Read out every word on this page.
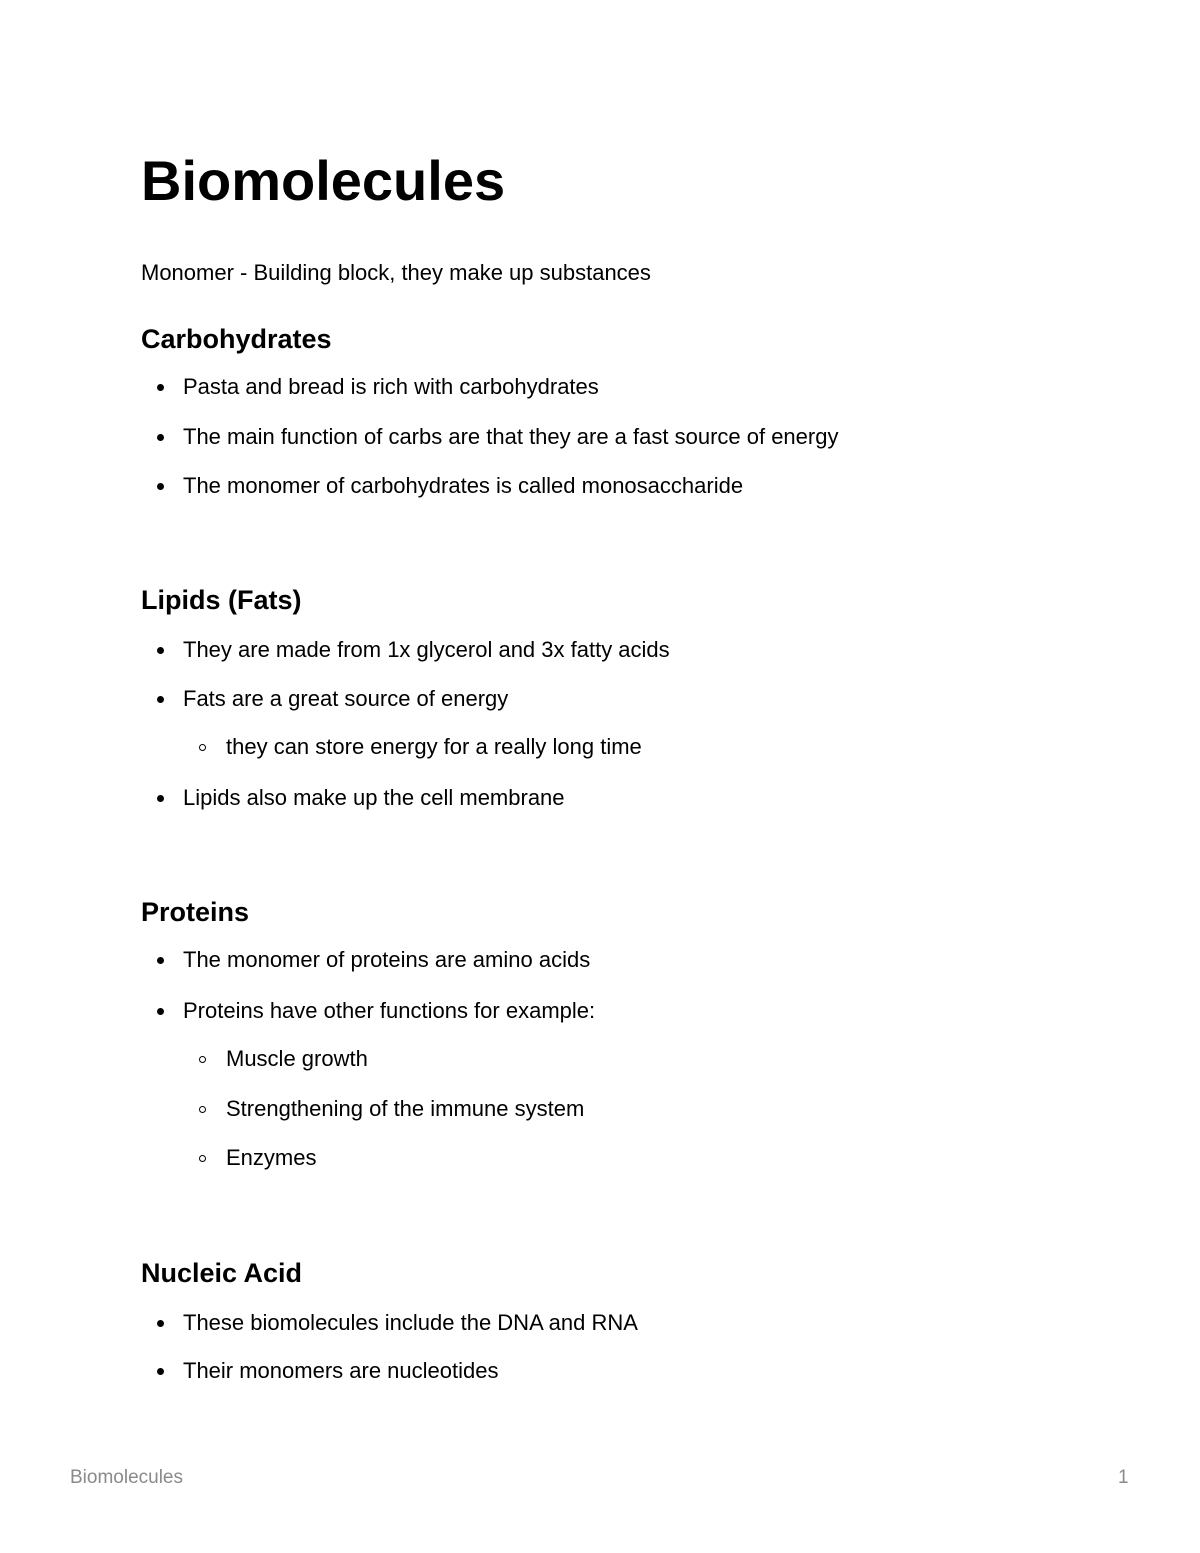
Biomolecules
Monomer - Building block, they make up substances
Carbohydrates
Pasta and bread is rich with carbohydrates
The main function of carbs are that they are a fast source of energy
The monomer of carbohydrates is called monosaccharide
Lipids (Fats)
They are made from 1x glycerol and 3x fatty acids
Fats are a great source of energy
they can store energy for a really long time
Lipids also make up the cell membrane
Proteins
The monomer of proteins are amino acids
Proteins have other functions for example:
Muscle growth
Strengthening of the immune system
Enzymes
Nucleic Acid
These biomolecules include the DNA and RNA
Their monomers are nucleotides
Biomolecules	1
